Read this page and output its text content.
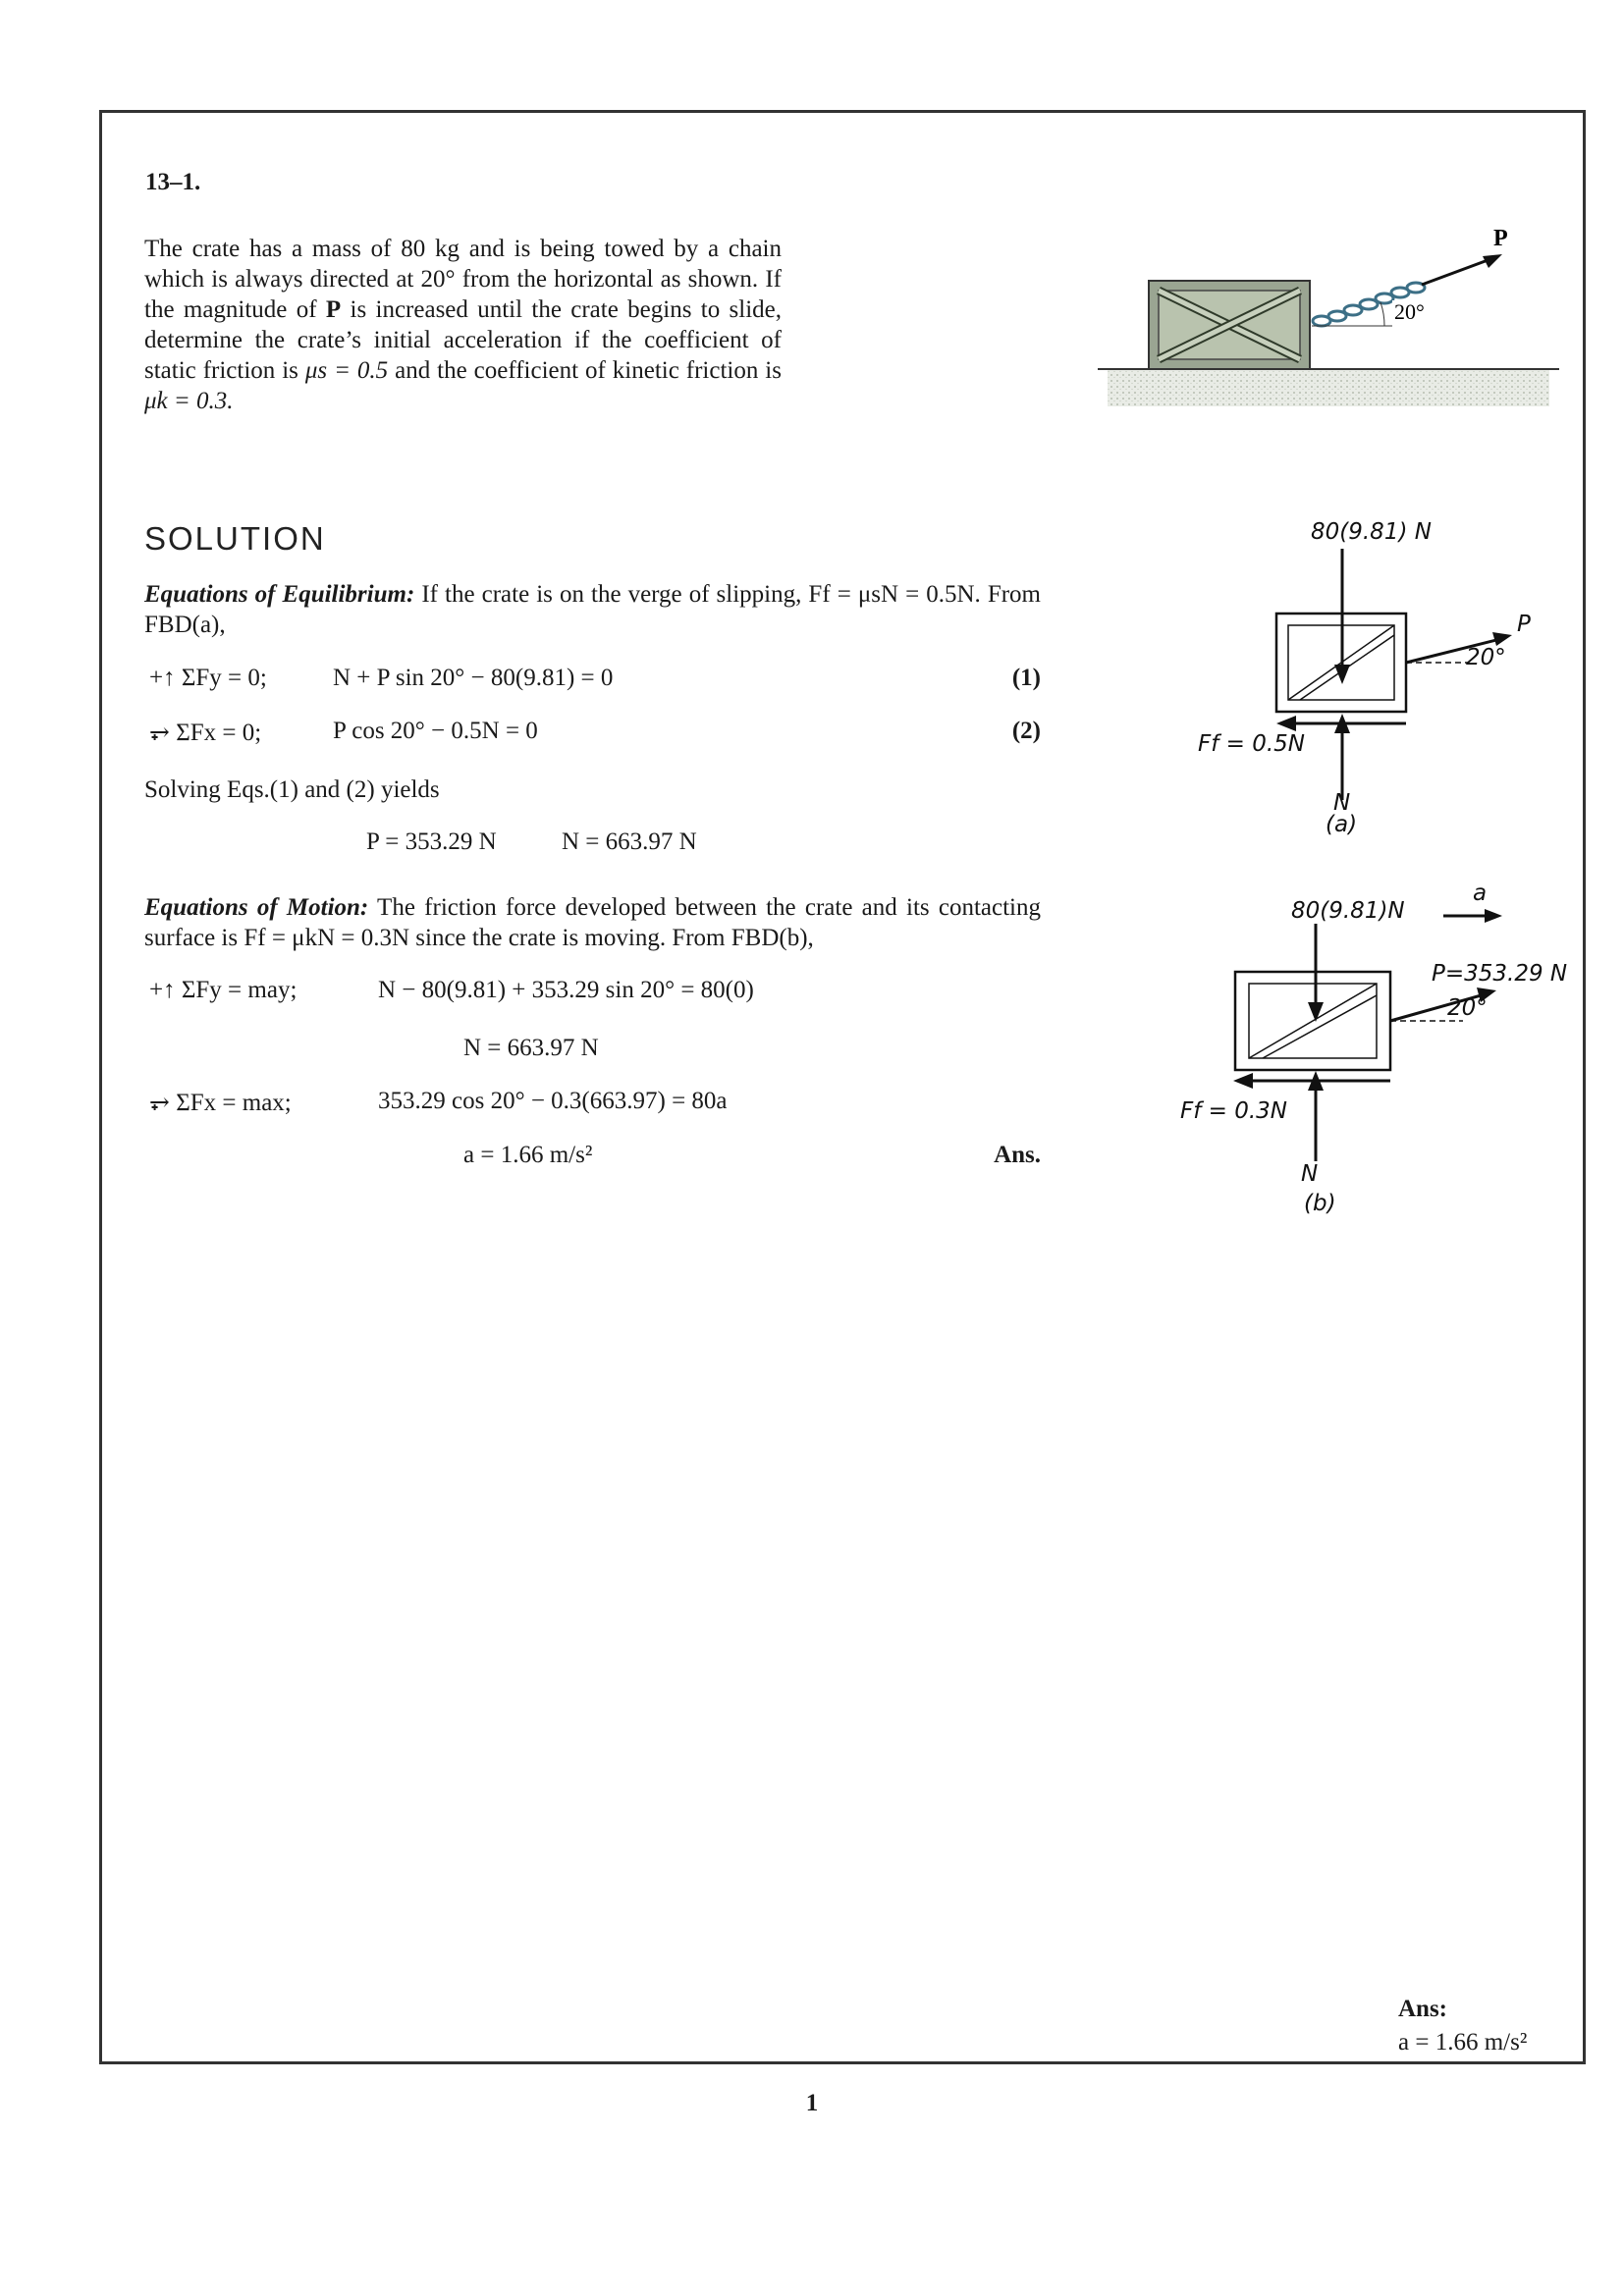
13–1.
The crate has a mass of 80 kg and is being towed by a chain which is always directed at 20° from the horizontal as shown. If the magnitude of P is increased until the crate begins to slide, determine the crate’s initial acceleration if the coefficient of static friction is μs = 0.5 and the coefficient of kinetic friction is μk = 0.3.
20°
P
SOLUTION
Equations of Equilibrium: If the crate is on the verge of slipping, Ff = μsN = 0.5N. From FBD(a),
+↑ ΣFy = 0;	N + P sin 20° − 80(9.81) = 0	(1)
⥅ ΣFx = 0;	P cos 20° − 0.5N = 0	(2)
Solving Eqs.(1) and (2) yields
P = 353.29 N	N = 663.97 N
Equations of Motion: The friction force developed between the crate and its contacting surface is Ff = μkN = 0.3N since the crate is moving. From FBD(b),
+↑ ΣFy = may;	N − 80(9.81) + 353.29 sin 20° = 80(0)
N = 663.97 N
⥅ ΣFx = max;	353.29 cos 20° − 0.3(663.97) = 80a
a = 1.66 m/s²	Ans.
80(9.81) N
P
20°
Ff = 0.5N
N
(a)
80(9.81)N
a
P=353.29 N
20°
Ff = 0.3N
N
(b)
Ans:
a = 1.66 m/s²
1
